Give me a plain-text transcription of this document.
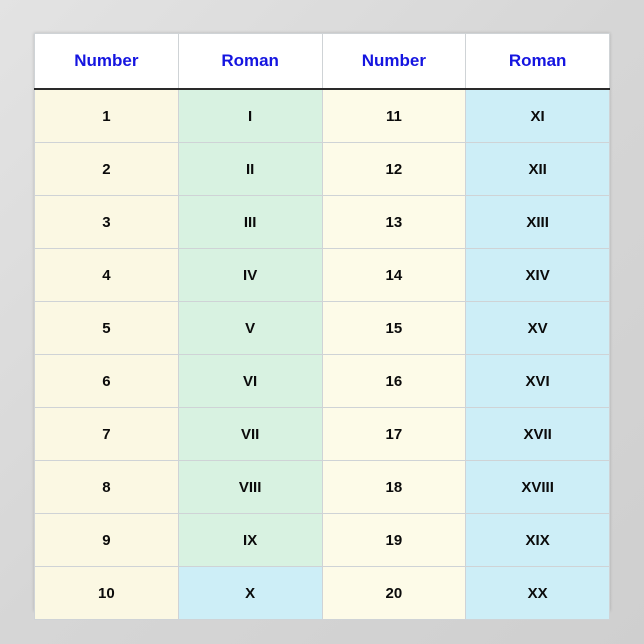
Number	Roman	Number	Roman
1	I	11	XI
2	II	12	XII
3	III	13	XIII
4	IV	14	XIV
5	V	15	XV
6	VI	16	XVI
7	VII	17	XVII
8	VIII	18	XVIII
9	IX	19	XIX
10	X	20	XX
